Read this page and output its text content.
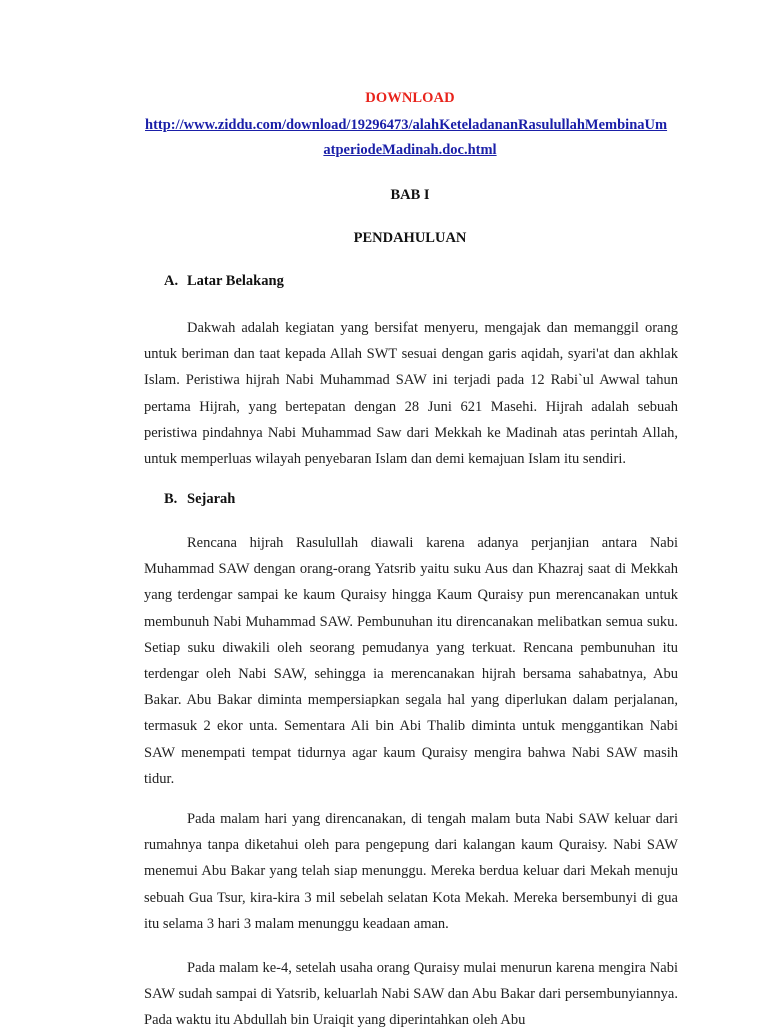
DOWNLOAD
http://www.ziddu.com/download/19296473/alahKeteladananRasulullahMembinaUm
atperiodeMadinah.doc.html
BAB I
PENDAHULUAN
A. Latar Belakang
Dakwah adalah kegiatan yang bersifat menyeru, mengajak dan memanggil orang untuk beriman dan taat kepada Allah SWT sesuai dengan garis aqidah, syari'at dan akhlak Islam. Peristiwa hijrah Nabi Muhammad SAW ini terjadi pada 12 Rabi`ul Awwal tahun pertama Hijrah, yang bertepatan dengan 28 Juni 621 Masehi. Hijrah adalah sebuah peristiwa pindahnya Nabi Muhammad Saw dari Mekkah ke Madinah atas perintah Allah, untuk memperluas wilayah penyebaran Islam dan demi kemajuan Islam itu sendiri.
B. Sejarah
Rencana hijrah Rasulullah diawali karena adanya perjanjian antara Nabi Muhammad SAW dengan orang-orang Yatsrib yaitu suku Aus dan Khazraj saat di Mekkah yang terdengar sampai ke kaum Quraisy hingga Kaum Quraisy pun merencanakan untuk membunuh Nabi Muhammad SAW. Pembunuhan itu direncanakan melibatkan semua suku. Setiap suku diwakili oleh seorang pemudanya yang terkuat. Rencana pembunuhan itu terdengar oleh Nabi SAW, sehingga ia merencanakan hijrah bersama sahabatnya, Abu Bakar. Abu Bakar diminta mempersiapkan segala hal yang diperlukan dalam perjalanan, termasuk 2 ekor unta. Sementara Ali bin Abi Thalib diminta untuk menggantikan Nabi SAW menempati tempat tidurnya agar kaum Quraisy mengira bahwa Nabi SAW masih tidur.
Pada malam hari yang direncanakan, di tengah malam buta Nabi SAW keluar dari rumahnya tanpa diketahui oleh para pengepung dari kalangan kaum Quraisy. Nabi SAW menemui Abu Bakar yang telah siap menunggu. Mereka berdua keluar dari Mekah menuju sebuah Gua Tsur, kira-kira 3 mil sebelah selatan Kota Mekah. Mereka bersembunyi di gua itu selama 3 hari 3 malam menunggu keadaan aman.
Pada malam ke-4, setelah usaha orang Quraisy mulai menurun karena mengira Nabi SAW sudah sampai di Yatsrib, keluarlah Nabi SAW dan Abu Bakar dari persembunyiannya. Pada waktu itu Abdullah bin Uraiqit yang diperintahkan oleh Abu
